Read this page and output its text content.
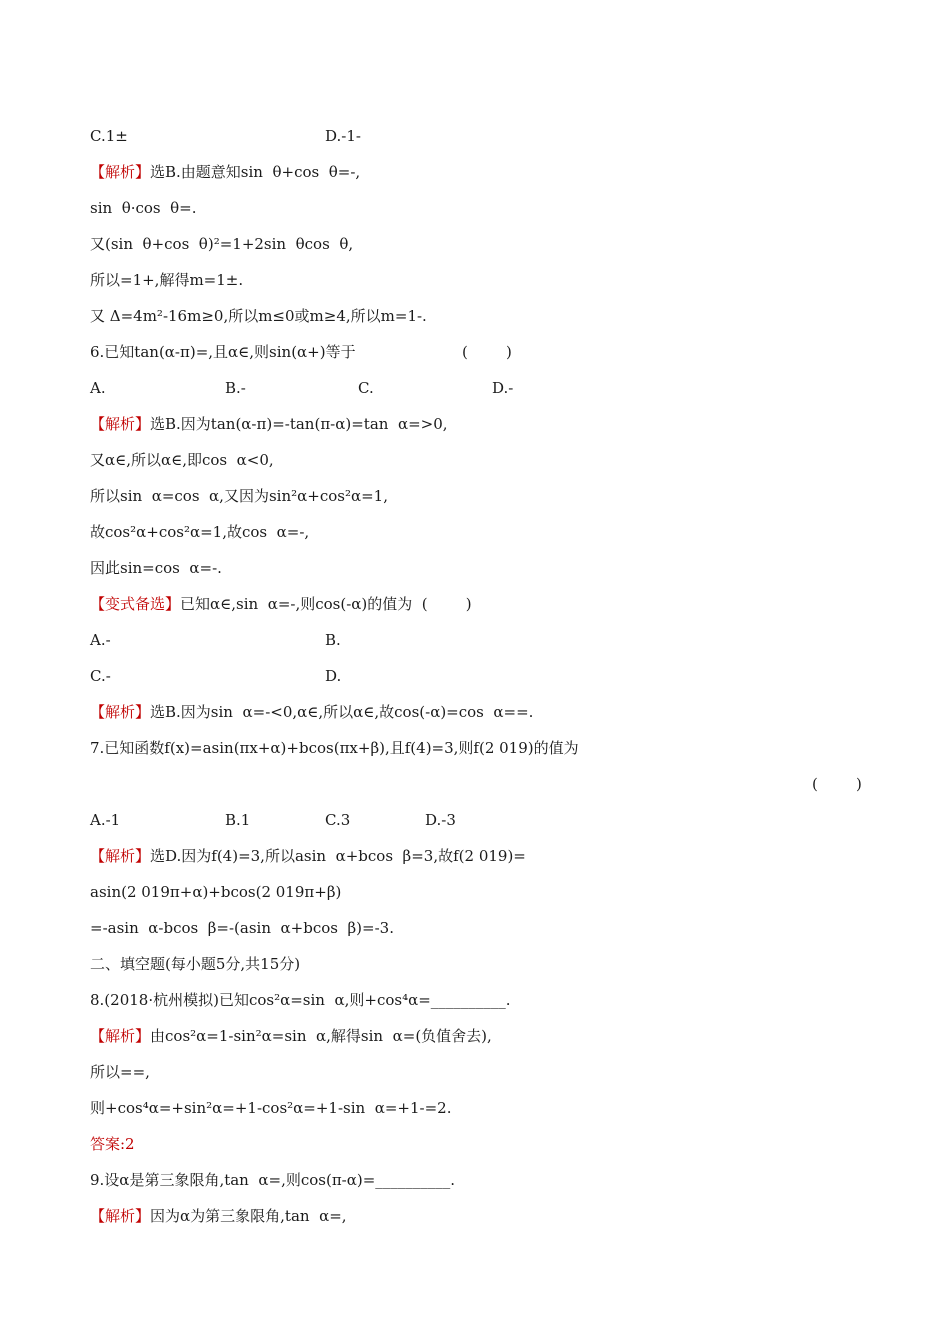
C.1±	D.-1-
【解析】选B.由题意知sin  θ+cos  θ=-,
sin  θ·cos  θ=.
又(sin  θ+cos  θ)²=1+2sin  θcos  θ,
所以=1+,解得m=1±.
又 Δ=4m²-16m≥0,所以m≤0或m≥4,所以m=1-.
6.已知tan(α-π)=,且α∈,则sin(α+)等于	(        )
A.	B.-	C.	D.-
【解析】选B.因为tan(α-π)=-tan(π-α)=tan  α=>0,
又α∈,所以α∈,即cos  α<0,
所以sin  α=cos  α,又因为sin²α+cos²α=1,
故cos²α+cos²α=1,故cos  α=-,
因此sin=cos  α=-.
【变式备选】已知α∈,sin  α=-,则cos(-α)的值为  (        )
A.-	B.
C.-	D.
【解析】选B.因为sin  α=-<0,α∈,所以α∈,故cos(-α)=cos  α==.
7.已知函数f(x)=asin(πx+α)+bcos(πx+β),且f(4)=3,则f(2 019)的值为
(        )
A.-1	B.1	C.3	D.-3
【解析】选D.因为f(4)=3,所以asin  α+bcos  β=3,故f(2 019)=
asin(2 019π+α)+bcos(2 019π+β)
=-asin  α-bcos  β=-(asin  α+bcos  β)=-3.
二、填空题(每小题5分,共15分)
8.(2018·杭州模拟)已知cos²α=sin  α,则+cos⁴α=__________.
【解析】由cos²α=1-sin²α=sin  α,解得sin  α=(负值舍去),
所以==,
则+cos⁴α=+sin²α=+1-cos²α=+1-sin  α=+1-=2.
答案:2
9.设α是第三象限角,tan  α=,则cos(π-α)=__________.
【解析】因为α为第三象限角,tan  α=,
